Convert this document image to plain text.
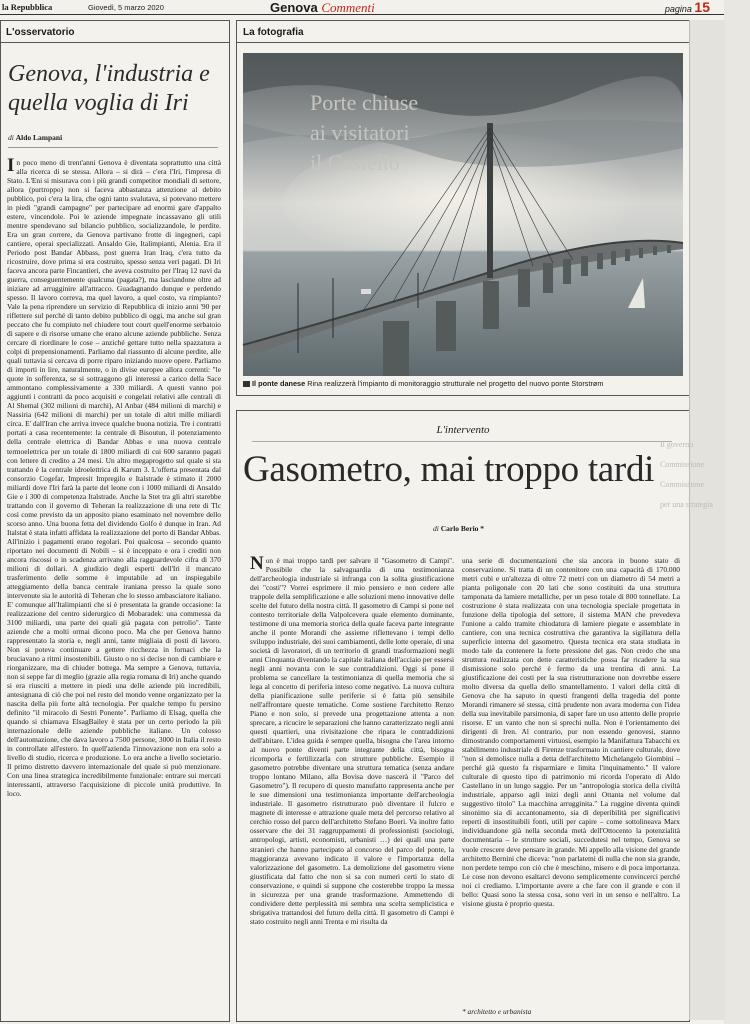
la Repubblica	Giovedì, 5 marzo 2020	Genova Commenti	pagina 15
L'osservatorio
Genova, l'industria e quella voglia di Iri
di Aldo Lampani
In poco meno di trent'anni Genova è diventata soprattutto una città alla ricerca di se stessa. Allora – si dirà – c'era l'Iri, l'impresa di Stato. L'Eni si misurava con i più grandi competitor mondiali di settore, allora (purtroppo) non si faceva abbastanza attenzione al debito pubblico, poi c'era la lira, che ogni tanto svalutava, si potevano mettere in piedi "grandi campagne" per partecipare ad enormi gare d'appalto estere, vincendole. Poi le aziende impegnate incassavano gli utili mentre spendevano sul bilancio pubblico, socializzandole, le perdite. Era un gran correre, da Genova partivano frotte di ingegneri, capi cantiere, operai specializzati. Ansaldo Gie, Italimpianti, Alenia. Era il Periodo post Bandar Abbass, post guerra Iran Iraq, c'era tutto da ricostruire, dove prima si era costruito, spesso senza veri pagati. Di Iri faceva ancora parte Fincantieri, che aveva costruito per l'Iraq 12 navi da guerra, conseguentemente qualcuna (pagata?), ma lasciandone oltre ad iniziare ad arrugginire all'attracco. Guadagnando dunque e perdendo spesso. Il lavoro correva, ma quel lavoro, a quel costo, va rimpianto? Vale la pena riprendere un servizio di Repubblica di inizio anni '90 per riflettere sul perché di tanto debito pubblico di oggi, ma anche sul gran peccato che fu compiuto nel chiudere tout court quell'enorme serbatoio di sapere e di risorse umane che erano alcune aziende pubbliche. Senza cercare di riordinare le cose – anziché gettare tutto nella spazzatura a colpi di prepensionamenti. Parliamo dal riassunto di alcune perdite, alle quali tuttavia si cercava di porre riparo iniziando nuove opere. Parliamo di importi in lire, naturalmente, o in divise europee allora correnti: "le quote in sofferenza, se si sottraggono gli interessi a carico della Sace ammontano complessivamente a 330 miliardi. A questi vanno poi aggiunti i contratti da poco acquisiti e congelati relativi alle centrali di Al Shemal (302 milioni di marchi), Al Anbar (484 milioni di marchi) e Nassiria (642 milioni di marchi) per un totale di altri mille miliardi circa. E' dall'Iran che arriva invece qualche buona notizia. Tre i contratti portati a casa recentemente: la centrale di Bisoutun, il potenziamento della centrale elettrica di Bandar Abbas e una nuova centrale termoelettrica per un totale di 1800 miliardi di cui 600 saranno pagati con lettere di credito a 24 mesi. Un altro megaprogetto sul quale si sta trattando è la centrale idroelettrica di Karum 3. L'offerta presentata dal consorzio Cogefar, Impresit Impregilo e Italstrade è stimato il 2000 miliardi dove l'Iri farà la parte del leone con i 1000 miliardi di Ansaldo Gie e i 300 di competenza Italstrade. Anche la Stet tra gli altri starebbe trattando con il governo di Teheran la realizzazione di una rete di Tlc così come previsto da un apposito piano esaminato nel novembre dello scorso anno. Una buona fetta del dividendo Golfo è dunque in Iran. Ad Italstat è stata infatti affidata la realizzazione del porto di Bandar Abbas. All'inizio i pagamenti erano regolari. Poi qualcosa – secondo quanto riportato nei documenti di Nobili – si è inceppato e ora i crediti non ancora riscossi o in scadenza arrivano alla ragguardevole cifra di 370 milioni di dollari. A giudizio degli esperti dell'Iri il mancato trasferimento delle somme è imputabile ad un inspiegabile atteggiamento della banca centrale iraniana presso la quale sono intervenute sia le autorità di Teheran che lo stesso ambasciatore italiano. E' comunque all'Italimpianti che si è presentata la grande occasione: la realizzazione del centro siderurgico di Mobaradek: una commessa da 3100 miliardi, una parte dei quali già pagata con petrolio". Tante aziende che a molti ormai dicono poco. Ma che per Genova hanno rappresentato la storia e, negli anni, tante migliaia di posti di lavoro. Non si poteva continuare a gettere ricchezza in fornaci che la bruciavano a ritmi insostenibili. Giusto o no si decise non di cambiare e riorganizzare, ma di chiuder bottega. Ma sempre a Genova, tuttavia, non si seppe far di meglio (grazie alla regia romana di Iri) anche quando si era riusciti a mettere in piedi una delle aziende più incredibili, antesignana di ciò che poi nel resto del mondo venne organizzato per la nascita della più forte altà tecnologia. Per qualche tempo fu persino definito "il miracolo di Sestri Ponente". Parliamo di Elsag, quella che quando si chiamava ElsagBailey è stata per un certo periodo la più internazionale delle aziende pubbliche italiane. Un colosso dell'automazione, che dava lavoro a 7500 persone, 3000 in Italia il resto in controllate all'estero. In quell'azienda l'innovazione non era solo a livello di studio, ricerca e produzione. Lo era anche a livello societario. Il primo distretto davvero internazionale del quale si può menzionare. Con una linea strategica incredibilmente funzionale: entrare sui mercati interessanti, attraverso l'acquisizione di piccole unità produttive. In loco.
La fotografia
Il ponte danese Rina realizzerà l'impianto di monitoraggio strutturale nel progetto del nuovo ponte Storstrøm
L'intervento
Gasometro, mai troppo tardi
di Carlo Berio *
Non è mai troppo tardi per salvare il "Gasometro di Campi". Possibile che la salvaguardia di una testimonianza dell'archeologia industriale si infranga con la solita giustificazione dei "costi"? Vorrei esprimere il mio pensiero e non cedere alle trappole della semplificazione e alle soluzioni meno innovative delle scelte del futuro della nostra città. Il gasometro di Campi si pone nel contesto territoriale della Valpolcevera quale elemento dominante, testimone di una memoria storica della quale faceva parte integrante anche il ponte Morandi che assieme riflettevano i tempi dello sviluppo industriale, dei suoi cambiamenti, delle lotte operaie, di una società di lavoratori, di un territorio di grandi trasformazioni negli anni Cinquanta diventando la capitale italiana dell'acciaio per essersi negli anni novanta con le sue contraddizioni. Oggi si pone il problema se cancellare la testimonianza di quella memoria che si lega al concetto di periferia inteso come negativo. La nuova cultura della pianificazione sulle periferie si è fatta più sensibile nell'affrontare queste tematiche. Come sostiene l'architetto Renzo Piano e non solo, si prevede una progettazione attenta a non sprecare, a ricucire le separazioni che hanno caratterizzato negli anni questi quartieri, una rivisitazione che ripara le contraddizioni dell'abitare. L'idea guida è sempre quella, bisogna che l'area intorno al nuovo ponte diventi parte integrante della città, bisogna ricomporla e fertilizzarla con strutture pubbliche. Esempio il gasometro potrebbe diventare una struttura tematica (senza andare troppo lontano Milano, alla Bovisa dove nascerà il "Parco del Gasometro"). Il recupero di questo manufatto rappresenta anche per le sue dimensioni una testimonianza importante dell'archeologia industriale. Il gasometro ristrutturato può diventare il fulcro e magnete di interesse e attrazione quale meta del percorso relativo al cerchio rosso del parco dell'architetto Stefano Boeri. Va inoltre fatto osservare che dei 31 raggruppamenti di professionisti (sociologi, antropologi, artisti, economisti, urbanisti …) dei quali una parte stranieri che hanno partecipato al concorso del parco del ponte, la maggioranza avevano indicato il valore e l'importanza della valorizzazione del gasometro. La demolizione del gasometro viene giustificata dal fatto che non si sa con numeri certi lo stato di conservazione, e quindi si suppone che costerebbe troppo la messa in sicurezza per una grande trasformazione. Ammettendo di condividere dette perplessità mi sembra una scelta semplicistica e sbrigativa trattandosi del futuro della città. Il gasometro di Campi è stato costruito negli anni Trenta e mi risulta da
una serie di documentazioni che sia ancora in buono stato di conservazione. Si tratta di un contenitore con una capacità di 170.000 metri cubi e un'altezza di oltre 72 metri con un diametro di 54 metri a pianta poligonale con 20 lati che sono costituiti da una struttura tamponata da lamiere metalliche, per un peso totale di 800 tonnellate. La costruzione è stata realizzata con una tecnologia speciale progettata in funzione della tipologia del settore, il sistema MAN che prevedeva l'unione a caldo tramite chiodatura di lamiere piegate e assemblate in cantiere, con una tecnica costruttiva che garantiva la sigillatura della superficie interna del gasometro. Questa tecnica era stata studiata in modo tale da contenere la forte pressione del gas. Non credo che una struttura realizzata con dette caratteristiche possa far ricadere la sua dismissione solo perché è fermo da una trentina di anni. La giustificazione dei costi per la sua ristrutturazione non dovrebbe essere molto diversa da quella dello smantellamento. I valori della città di Genova che ha saputo in questi frangenti della tragedia del ponte Morandi rimanere sé stessa, città prudente non avara moderna con l'idea della sua inevitabile parsimonia, di saper fare un uso attento delle proprie risorse. E' un vanto che non si sprechi nulla. Non è l'orientamento dei dirigenti di Iren. Al contrario, pur non essendo genovesi, stanno dimostrando comportamenti virtuosi, esempio la Manifattura Tabacchi ex stabilimento industriale di Firenze trasformato in cantiere culturale, dove "non si demolisce nulla a detta dell'architetto Michelangelo Giombini – perché già questo fa risparmiare e limita l'inquinamento." Il valore culturale di questo tipo di patrimonio mi ricorda l'operato di Aldo Castellano in un lungo saggio. Per un "antropologia storica della civiltà industriale, apparso agli inizi degli anni Ottanta nel volume dal suggestivo titolo" La macchina arrugginita." La ruggine diventa quindi sinonimo sia di accantonamento, sia di deperibilità per significativi reperti di insostituibili fonti, utili per capire – come sottolineava Marx individuandone già nella seconda metà dell'Ottocento la potenzialità documentaria – le strutture sociali, succedutesi nel tempo, Genova se vuole crescere deve pensare in grande. Mi appello alla visione del grande architetto Bernini che diceva: "non parlatemi di nulla che non sia grande, non perdete tempo con ciò che è meschino, misero e di poca importanza. Le cose non devono esaltarci devono semplicemente convincerci perché noi ci crediamo. L'importante avere a che fare con il grande e con il bello: Quasi sono la stessa cosa, sono veri in un senso e nell'altro. La visione giusta è proprio questa.
* architetto e urbanista
Porte chiuse
ai visitatori
il Castello
Il governo
Commissione
Commissione
per una strategia
